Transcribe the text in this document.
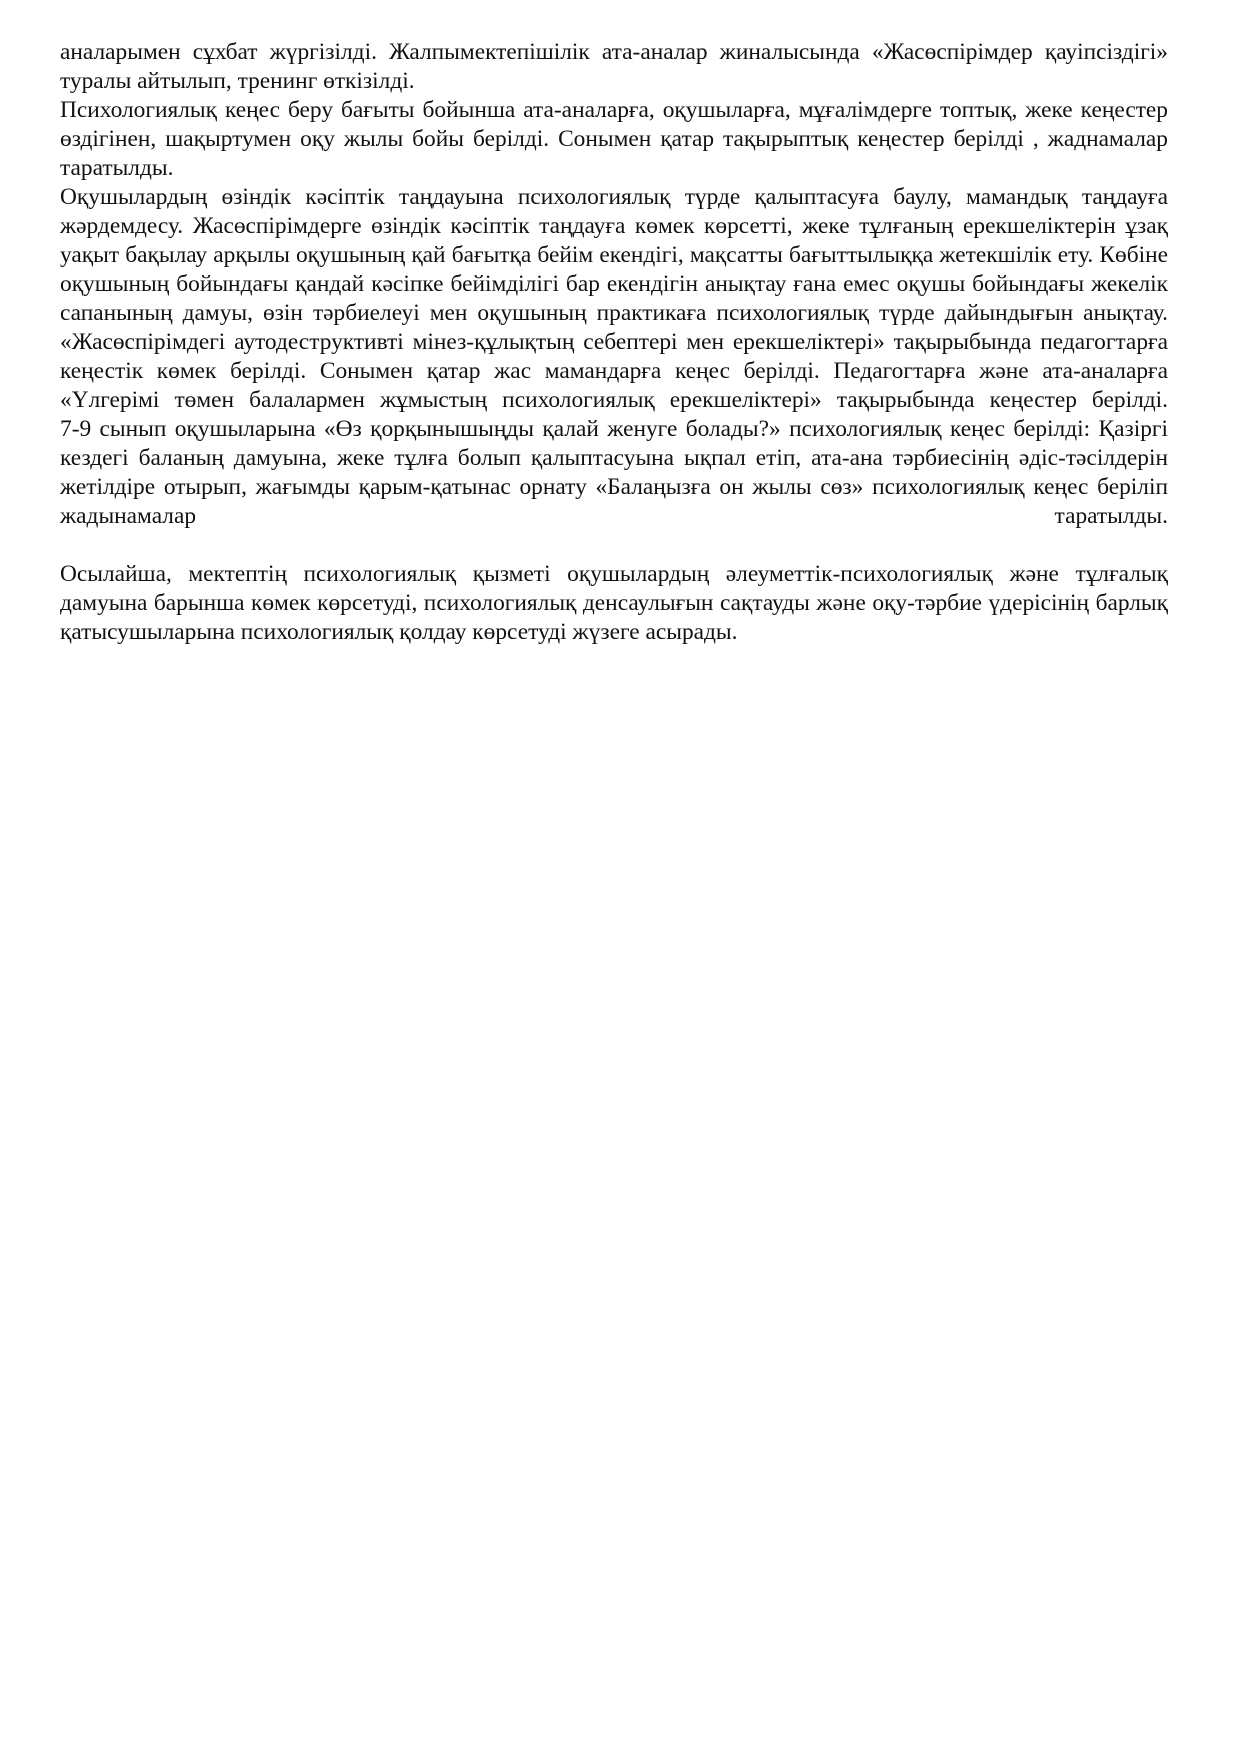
аналарымен сұхбат жүргізілді. Жалпымектепішілік ата-аналар жиналысында «Жасөспірімдер қауіпсіздігі» туралы айтылып, тренинг өткізілді.

Психологиялық кеңес беру бағыты бойынша ата-аналарға, оқушыларға, мұғалімдерге топтық, жеке кеңестер өздігінен, шақыртумен оқу жылы бойы берілді. Сонымен қатар тақырыптық кеңестер берілді , жаднамалар таратылды.

Оқушылардың өзіндік кәсіптік таңдауына психологиялық түрде қалыптасуға баулу, мамандық таңдауға жәрдемдесу. Жасөспірімдерге өзіндік кәсіптік таңдауға көмек көрсетті, жеке тұлғаның ерекшеліктерін ұзақ уақыт бақылау арқылы оқушының қай бағытқа бейім екендігі, мақсатты бағыттылыққа жетекшілік ету. Көбіне оқушының бойындағы қандай кәсіпке бейімділігі бар екендігін анықтау ғана емес оқушы бойындағы жекелік сапанының дамуы, өзін тәрбиелеуі мен оқушының практикаға психологиялық түрде дайындығын анықтау. «Жасөспірімдегі аутодеструктивті мінез-құлықтың себептері мен ерекшеліктері» тақырыбында педагогтарға кеңестік көмек берілді. Сонымен қатар жас мамандарға кеңес берілді. Педагогтарға және ата-аналарға «Үлгерімі төмен балалармен жұмыстың психологиялық ерекшеліктері» тақырыбында кеңестер берілді.

7-9 сынып оқушыларына «Өз қорқынышыңды қалай женуге болады?» психологиялық кеңес берілді: Қазіргі кездегі баланың дамуына, жеке тұлға болып қалыптасуына ықпал етіп, ата-ана тәрбиесінің әдіс-тәсілдерін жетілдіре отырып, жағымды қарым-қатынас орнату «Балаңызға он жылы сөз» психологиялық кеңес беріліп жадынамалар таратылды.

Осылайша, мектептің психологиялық қызметі оқушылардың әлеуметтік-психологиялық және тұлғалық дамуына барынша көмек көрсетуді, психологиялық денсаулығын сақтауды және оқу-тәрбие үдерісінің барлық қатысушыларына психологиялық қолдау көрсетуді жүзеге асырады.
